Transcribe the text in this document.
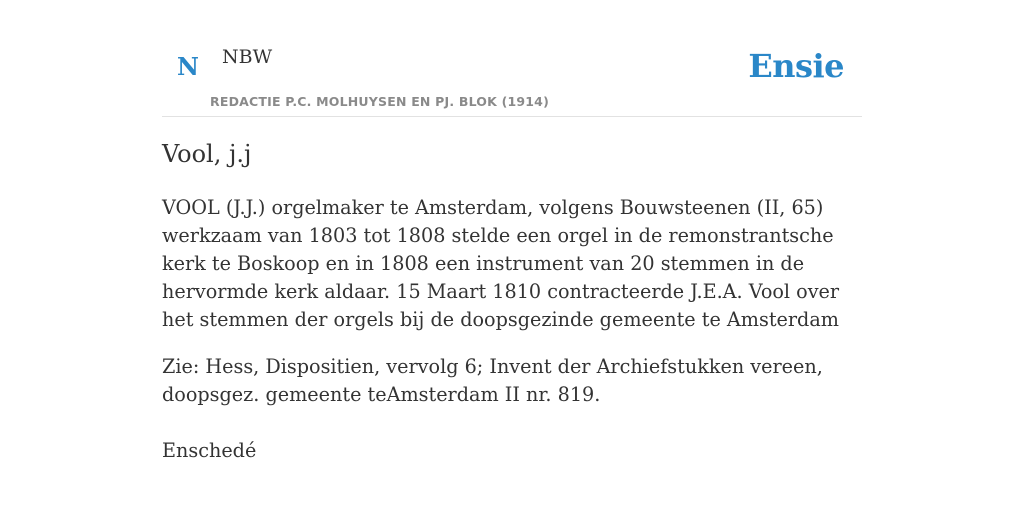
N NBW
REDACTIE P.C. MOLHUYSEN EN PJ. BLOK (1914)
Ensie
Vool, j.j

VOOL (J.J.) orgelmaker te Amsterdam, volgens Bouwsteenen (II, 65) werkzaam van 1803 tot 1808 stelde een orgel in de remonstrantsche kerk te Boskoop en in 1808 een instrument van 20 stemmen in de hervormde kerk aldaar. 15 Maart 1810 contracteerde J.E.A. Vool over het stemmen der orgels bij de doopsgezinde gemeente te Amsterdam

Zie: Hess, Dispositien, vervolg 6; Invent der Archiefstukken vereen, doopsgez. gemeente teAmsterdam II nr. 819.

Enschedé
